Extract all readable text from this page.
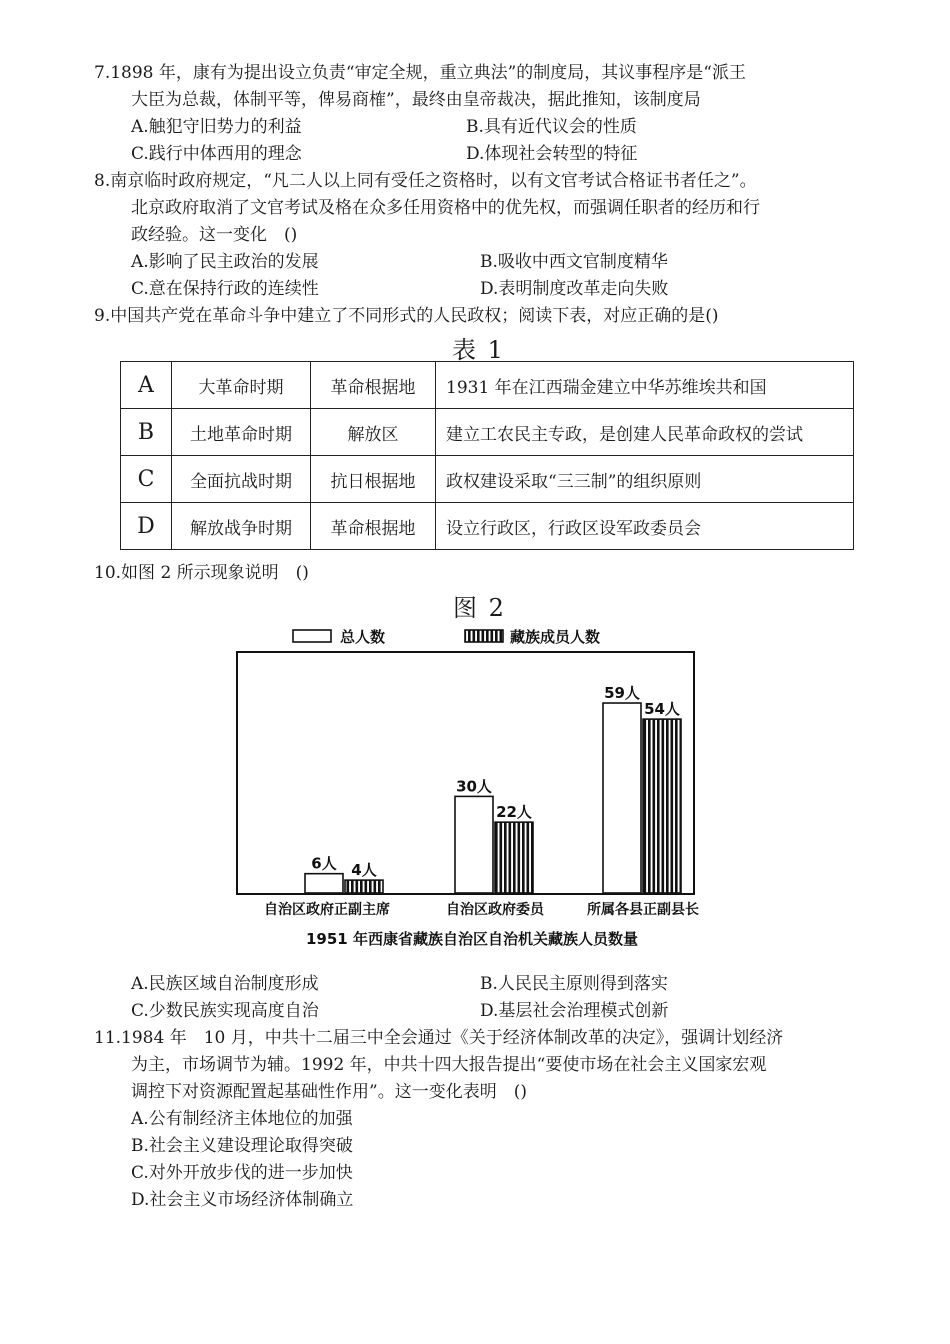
7.1898 年，康有为提出设立负责“审定全规，重立典法”的制度局，其议事程序是“派王
大臣为总裁，体制平等，俾易商榷”，最终由皇帝裁决，据此推知，该制度局
A.触犯守旧势力的利益	B.具有近代议会的性质
C.践行中体西用的理念	D.体现社会转型的特征
8.南京临时政府规定，“凡二人以上同有受任之资格时，以有文官考试合格证书者任之”。
北京政府取消了文官考试及格在众多任用资格中的优先权，而强调任职者的经历和行
政经验。这一变化　()
A.影响了民主政治的发展	B.吸收中西文官制度精华
C.意在保持行政的连续性	D.表明制度改革走向失败
9.中国共产党在革命斗争中建立了不同形式的人民政权；阅读下表，对应正确的是()
表 1
A	大革命时期	革命根据地	1931 年在江西瑞金建立中华苏维埃共和国
B	土地革命时期	解放区	建立工农民主专政，是创建人民革命政权的尝试
C	全面抗战时期	抗日根据地	政权建设采取“三三制”的组织原则
D	解放战争时期	革命根据地	设立行政区，行政区设军政委员会
10.如图 2 所示现象说明　()
图 2
总人数	藏族成员人数
6人
30人
59人
4人
22人
54人
自治区政府正副主席	自治区政府委员	所属各县正副县长
1951 年西康省藏族自治区自治机关藏族人员数量
A.民族区域自治制度形成	B.人民民主原则得到落实
C.少数民族实现高度自治	D.基层社会治理模式创新
11.1984 年　10 月，中共十二届三中全会通过《关于经济体制改革的决定》，强调计划经济
为主，市场调节为辅。1992 年，中共十四大报告提出“要使市场在社会主义国家宏观
调控下对资源配置起基础性作用”。这一变化表明　()
A.公有制经济主体地位的加强
B.社会主义建设理论取得突破
C.对外开放步伐的进一步加快
D.社会主义市场经济体制确立
